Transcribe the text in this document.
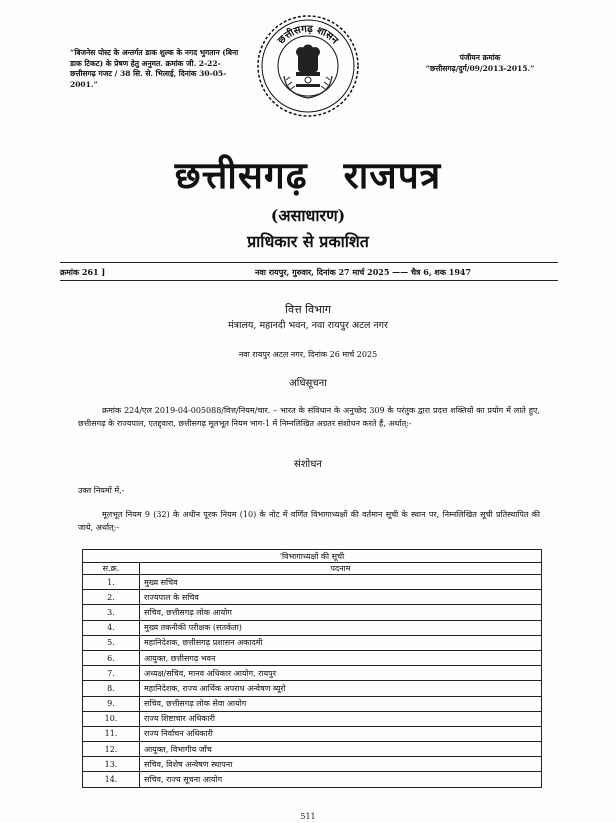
“बिजनेस पोस्ट के अन्तर्गत डाक शुल्क के नगद भुगतान (बिना डाक टिकट) के प्रेषण हेतु अनुमत. क्रमांक जी. 2-22-छत्तीसगढ़ गजट / 38 सि. से. भिलाई, दिनांक 30-05-2001.”
छत्तीसगढ़ शासन
पंजीयन क्रमांक
“छत्तीसगढ़/दुर्ग/09/2013-2015.”
छत्तीसगढ़ राजपत्र
(असाधारण)
प्राधिकार से प्रकाशित
क्रमांक 261 ]	नवा रायपुर, गुरुवार, दिनांक 27 मार्च 2025 —— चैत्र 6, शक 1947
वित्त विभाग
मंत्रालय, महानदी भवन, नवा रायपुर अटल नगर
नवा रायपुर अटल नगर, दिनांक 26 मार्च 2025
अधिसूचना
क्रमांक 224/एल 2019-04-005088/वित्त/नियम/चार. – भारत के संविधान के अनुच्छेद 309 के परंतुक द्वारा प्रदत्त शक्तियों का प्रयोग में लाते हुए, छत्तीसगढ़ के राज्यपाल, एतद्द्वारा, छत्तीसगढ़ मूलभूत नियम भाग-1 में निम्नलिखित अग्रतर संशोधन करते हैं, अर्थात्:-
संशोधन
उक्त नियमों में,-
मूलभूत नियम 9 (32) के अधीन पूरक नियम (10) के नोट में वर्णित विभागाध्यक्षों की वर्तमान सूची के स्थान पर, निम्नलिखित सूची प्रतिस्थापित की जाये, अर्थात्:-
'विभागाध्यक्षों की सूची	
स.क्र.	पदनाम
1.	मुख्य सचिव
2.	राज्यपाल के सचिव
3.	सचिव, छत्तीसगढ़ लोक आयोग
4.	मुख्य तकनीकी परीक्षक (सतर्कता)
5.	महानिदेशक, छत्तीसगढ़ प्रशासन अकादमी
6.	आयुक्त, छत्तीसगढ़ भवन
7.	अध्यक्ष/सचिव, मानव अधिकार आयोग, रायपुर
8.	महानिदेशक, राज्य आर्थिक अपराध अन्वेषण ब्यूरो
9.	सचिव, छत्तीसगढ़ लोक सेवा आयोग
10.	राज्य शिष्टाचार अधिकारी
11.	राज्य निर्वाचन अधिकारी
12.	आयुक्त, विभागीय जाँच
13.	सचिव, विशेष अन्वेषण स्थापना
14.	सचिव, राज्य सूचना आयोग
511
